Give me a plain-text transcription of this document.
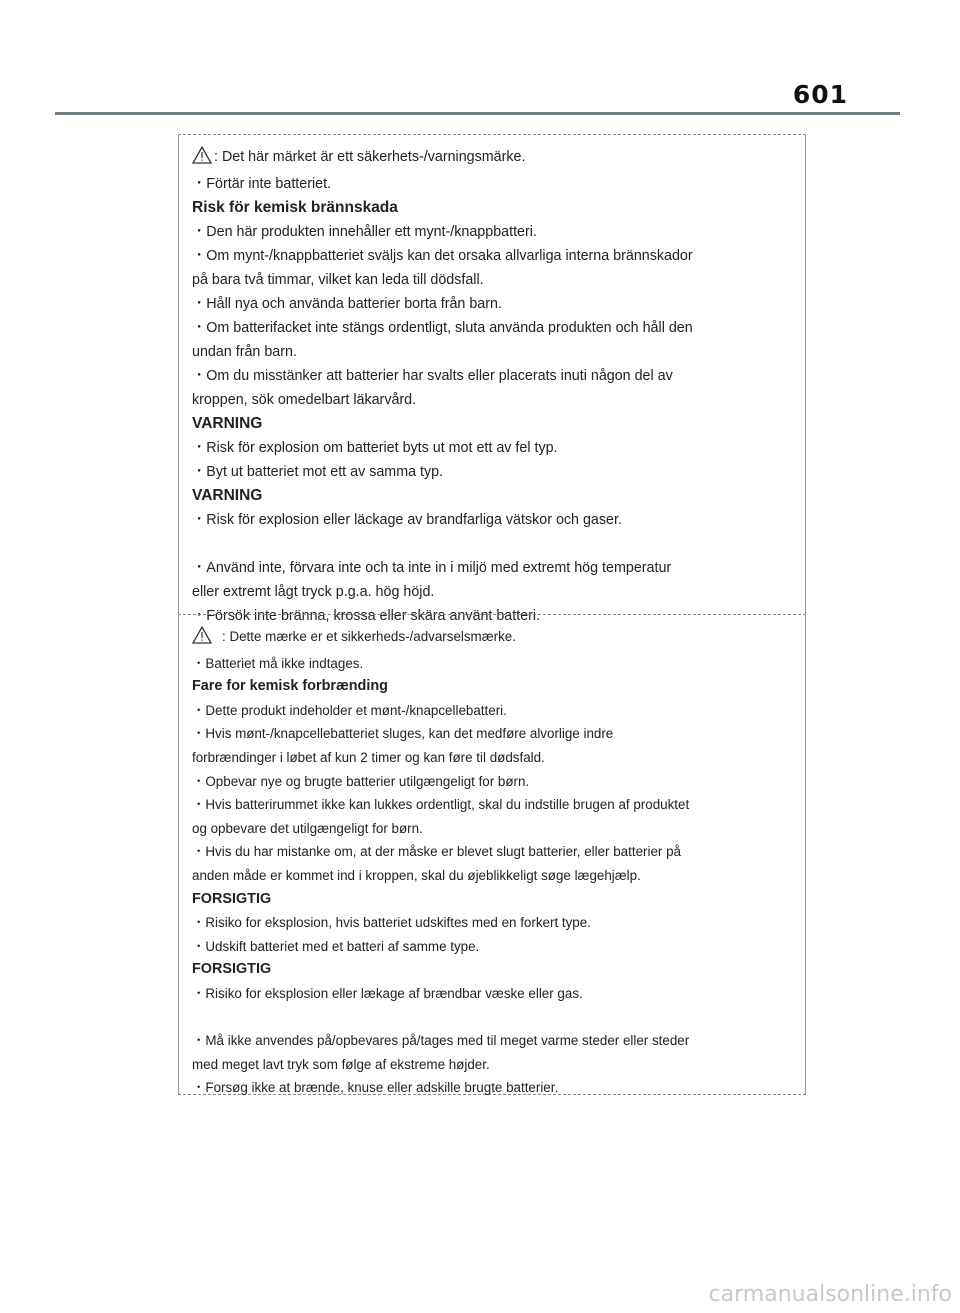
601
: Det här märket är ett säkerhets-/varningsmärke.
・Förtär inte batteriet.
Risk för kemisk brännskada
・Den här produkten innehåller ett mynt-/knappbatteri.
・Om mynt-/knappbatteriet sväljs kan det orsaka allvarliga interna brännskador
på bara två timmar, vilket kan leda till dödsfall.
・Håll nya och använda batterier borta från barn.
・Om batterifacket inte stängs ordentligt, sluta använda produkten och håll den
undan från barn.
・Om du misstänker att batterier har svalts eller placerats inuti någon del av
kroppen, sök omedelbart läkarvård.
VARNING
・Risk för explosion om batteriet byts ut mot ett av fel typ.
・Byt ut batteriet mot ett av samma typ.
VARNING
・Risk för explosion eller läckage av brandfarliga vätskor och gaser.
・Använd inte, förvara inte och ta inte in i miljö med extremt hög temperatur
eller extremt lågt tryck p.g.a. hög höjd.
・Försök inte bränna, krossa eller skära använt batteri.
: Dette mærke er et sikkerheds-/advarselsmærke.
・Batteriet må ikke indtages.
Fare for kemisk forbrænding
・Dette produkt indeholder et mønt-/knapcellebatteri.
・Hvis mønt-/knapcellebatteriet sluges, kan det medføre alvorlige indre
forbrændinger i løbet af kun 2 timer og kan føre til dødsfald.
・Opbevar nye og brugte batterier utilgængeligt for børn.
・Hvis batterirummet ikke kan lukkes ordentligt, skal du indstille brugen af produktet
og opbevare det utilgængeligt for børn.
・Hvis du har mistanke om, at der måske er blevet slugt batterier, eller batterier på
anden måde er kommet ind i kroppen, skal du øjeblikkeligt søge lægehjælp.
FORSIGTIG
・Risiko for eksplosion, hvis batteriet udskiftes med en forkert type.
・Udskift batteriet med et batteri af samme type.
FORSIGTIG
・Risiko for eksplosion eller lækage af brændbar væske eller gas.
・Må ikke anvendes på/opbevares på/tages med til meget varme steder eller steder
med meget lavt tryk som følge af ekstreme højder.
・Forsøg ikke at brænde, knuse eller adskille brugte batterier.
carmanualsonline.info
